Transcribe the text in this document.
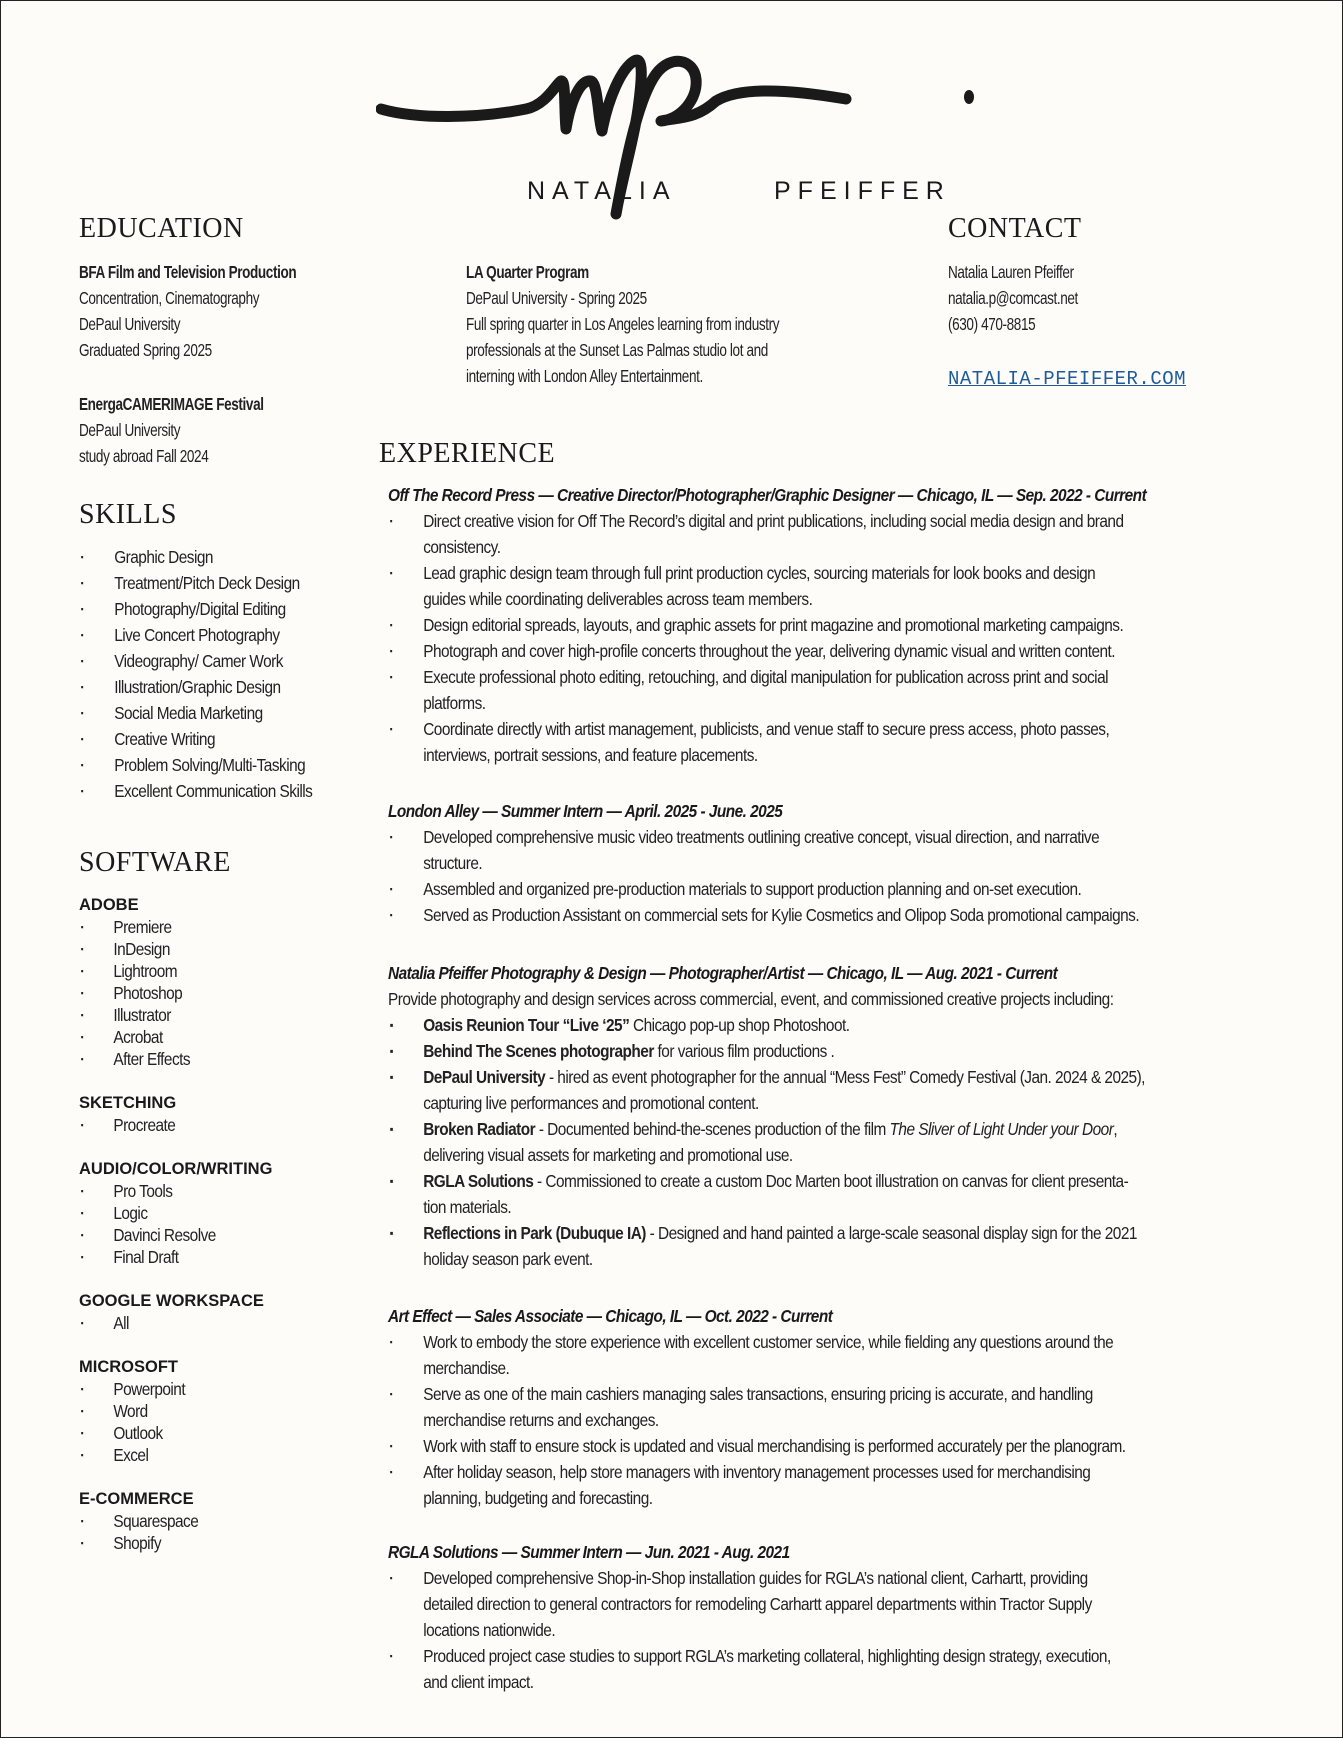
NATALIA	PFEIFFER
EDUCATION
BFA Film and Television Production
Concentration, Cinematography
DePaul University
Graduated Spring 2025
EnergaCAMERIMAGE Festival
DePaul University
study abroad Fall 2024
LA Quarter Program
DePaul University - Spring 2025
Full spring quarter in Los Angeles learning from industry
professionals at the Sunset Las Palmas studio lot and
interning with London Alley Entertainment.
CONTACT
Natalia Lauren Pfeiffer
natalia.p@comcast.net
(630) 470-8815
NATALIA-PFEIFFER.COM
SKILLS
▪ Graphic Design
▪ Treatment/Pitch Deck Design
▪ Photography/Digital Editing
▪ Live Concert Photography
▪ Videography/ Camer Work
▪ Illustration/Graphic Design
▪ Social Media Marketing
▪ Creative Writing
▪ Problem Solving/Multi-Tasking
▪ Excellent Communication Skills
SOFTWARE
ADOBE
▪ Premiere
▪ InDesign
▪ Lightroom
▪ Photoshop
▪ Illustrator
▪ Acrobat
▪ After Effects
SKETCHING
▪ Procreate
AUDIO/COLOR/WRITING
▪ Pro Tools
▪ Logic
▪ Davinci Resolve
▪ Final Draft
GOOGLE WORKSPACE
▪ All
MICROSOFT
▪ Powerpoint
▪ Word
▪ Outlook
▪ Excel
E-COMMERCE
▪ Squarespace
▪ Shopify
EXPERIENCE
Off The Record Press — Creative Director/Photographer/Graphic Designer — Chicago, IL — Sep. 2022 - Current
▪ Direct creative vision for Off The Record’s digital and print publications, including social media design and brand
consistency.
▪ Lead graphic design team through full print production cycles, sourcing materials for look books and design
guides while coordinating deliverables across team members.
▪ Design editorial spreads, layouts, and graphic assets for print magazine and promotional marketing campaigns.
▪ Photograph and cover high-profile concerts throughout the year, delivering dynamic visual and written content.
▪ Execute professional photo editing, retouching, and digital manipulation for publication across print and social
platforms.
▪ Coordinate directly with artist management, publicists, and venue staff to secure press access, photo passes,
interviews, portrait sessions, and feature placements.
London Alley — Summer Intern — April. 2025 - June. 2025
▪ Developed comprehensive music video treatments outlining creative concept, visual direction, and narrative
structure.
▪ Assembled and organized pre-production materials to support production planning and on-set execution.
▪ Served as Production Assistant on commercial sets for Kylie Cosmetics and Olipop Soda promotional campaigns.
Natalia Pfeiffer Photography & Design — Photographer/Artist — Chicago, IL — Aug. 2021 - Current
Provide photography and design services across commercial, event, and commissioned creative projects including:
▪ Oasis Reunion Tour “Live ‘25” Chicago pop-up shop Photoshoot.
▪ Behind The Scenes photographer for various film productions .
▪ DePaul University - hired as event photographer for the annual “Mess Fest” Comedy Festival (Jan. 2024 & 2025),
capturing live performances and promotional content.
▪ Broken Radiator - Documented behind-the-scenes production of the film The Sliver of Light Under your Door,
delivering visual assets for marketing and promotional use.
▪ RGLA Solutions - Commissioned to create a custom Doc Marten boot illustration on canvas for client presenta-
tion materials.
▪ Reflections in Park (Dubuque IA) - Designed and hand painted a large-scale seasonal display sign for the 2021
holiday season park event.
Art Effect — Sales Associate — Chicago, IL — Oct. 2022 - Current
▪ Work to embody the store experience with excellent customer service, while fielding any questions around the
merchandise.
▪ Serve as one of the main cashiers managing sales transactions, ensuring pricing is accurate, and handling
merchandise returns and exchanges.
▪ Work with staff to ensure stock is updated and visual merchandising is performed accurately per the planogram.
▪ After holiday season, help store managers with inventory management processes used for merchandising
planning, budgeting and forecasting.
RGLA Solutions — Summer Intern — Jun. 2021 - Aug. 2021
▪ Developed comprehensive Shop-in-Shop installation guides for RGLA’s national client, Carhartt, providing
detailed direction to general contractors for remodeling Carhartt apparel departments within Tractor Supply
locations nationwide.
▪ Produced project case studies to support RGLA’s marketing collateral, highlighting design strategy, execution,
and client impact.
